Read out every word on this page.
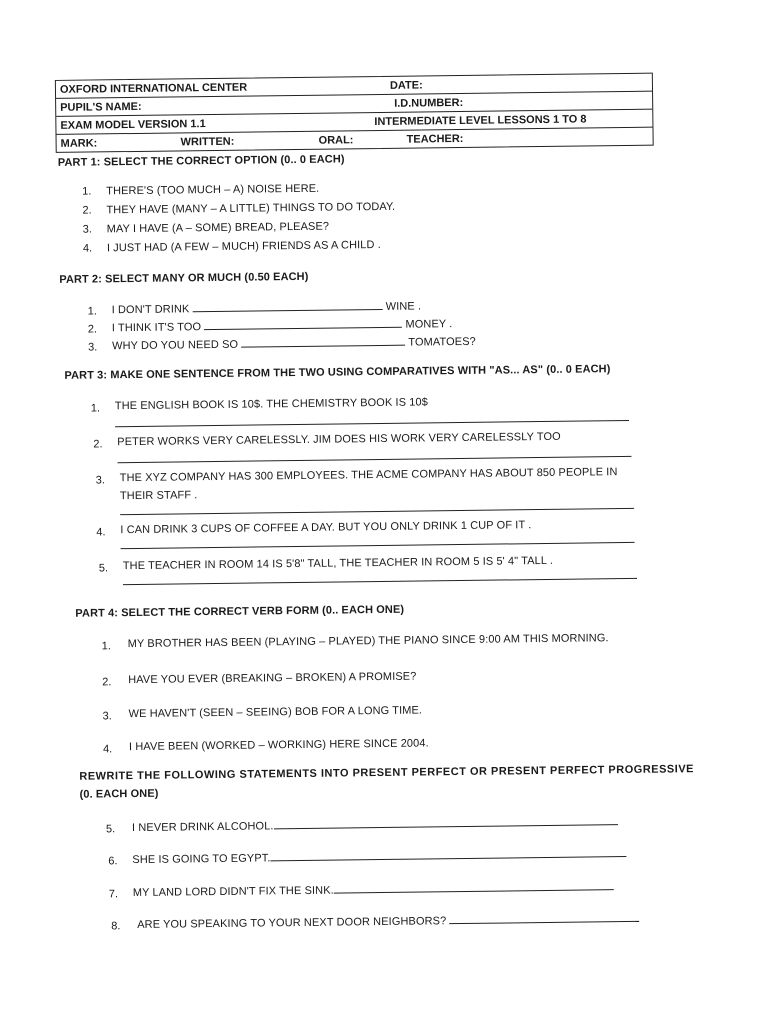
OXFORD INTERNATIONAL CENTER	DATE:
PUPIL'S NAME:	I.D.NUMBER:
EXAM MODEL VERSION 1.1	INTERMEDIATE LEVEL LESSONS 1 TO 8
MARK:	WRITTEN:	ORAL:	TEACHER:
PART 1: SELECT THE CORRECT OPTION (0.. 0 EACH)
1. THERE'S (TOO MUCH – A) NOISE HERE.
2. THEY HAVE (MANY – A LITTLE) THINGS TO DO TODAY.
3. MAY I HAVE (A – SOME) BREAD, PLEASE?
4. I JUST HAD (A FEW – MUCH) FRIENDS AS A CHILD .
PART 2: SELECT MANY OR MUCH (0.50 EACH)
1. I DON'T DRINK	WINE .
2. I THINK IT'S TOO	MONEY .
3. WHY DO YOU NEED SO	TOMATOES?
PART 3: MAKE ONE SENTENCE FROM THE TWO USING COMPARATIVES WITH "AS... AS" (0.. 0 EACH)
1. THE ENGLISH BOOK IS 10$. THE CHEMISTRY BOOK IS 10$
2. PETER WORKS VERY CARELESSLY. JIM DOES HIS WORK VERY CARELESSLY TOO
3. THE XYZ COMPANY HAS 300 EMPLOYEES. THE ACME COMPANY HAS ABOUT 850 PEOPLE IN
THEIR STAFF .
4. I CAN DRINK 3 CUPS OF COFFEE A DAY. BUT YOU ONLY DRINK 1 CUP OF IT .
5. THE TEACHER IN ROOM 14 IS 5'8" TALL, THE TEACHER IN ROOM 5 IS 5' 4" TALL .
PART 4: SELECT THE CORRECT VERB FORM (0.. EACH ONE)
1. MY BROTHER HAS BEEN (PLAYING – PLAYED) THE PIANO SINCE 9:00 AM THIS MORNING.
2. HAVE YOU EVER (BREAKING – BROKEN) A PROMISE?
3. WE HAVEN'T (SEEN – SEEING) BOB FOR A LONG TIME.
4. I HAVE BEEN (WORKED – WORKING) HERE SINCE 2004.
REWRITE THE FOLLOWING STATEMENTS INTO PRESENT PERFECT OR PRESENT PERFECT PROGRESSIVE
(0. EACH ONE)
5. I NEVER DRINK ALCOHOL.
6. SHE IS GOING TO EGYPT.
7. MY LAND LORD DIDN'T FIX THE SINK.
8. ARE YOU SPEAKING TO YOUR NEXT DOOR NEIGHBORS?
